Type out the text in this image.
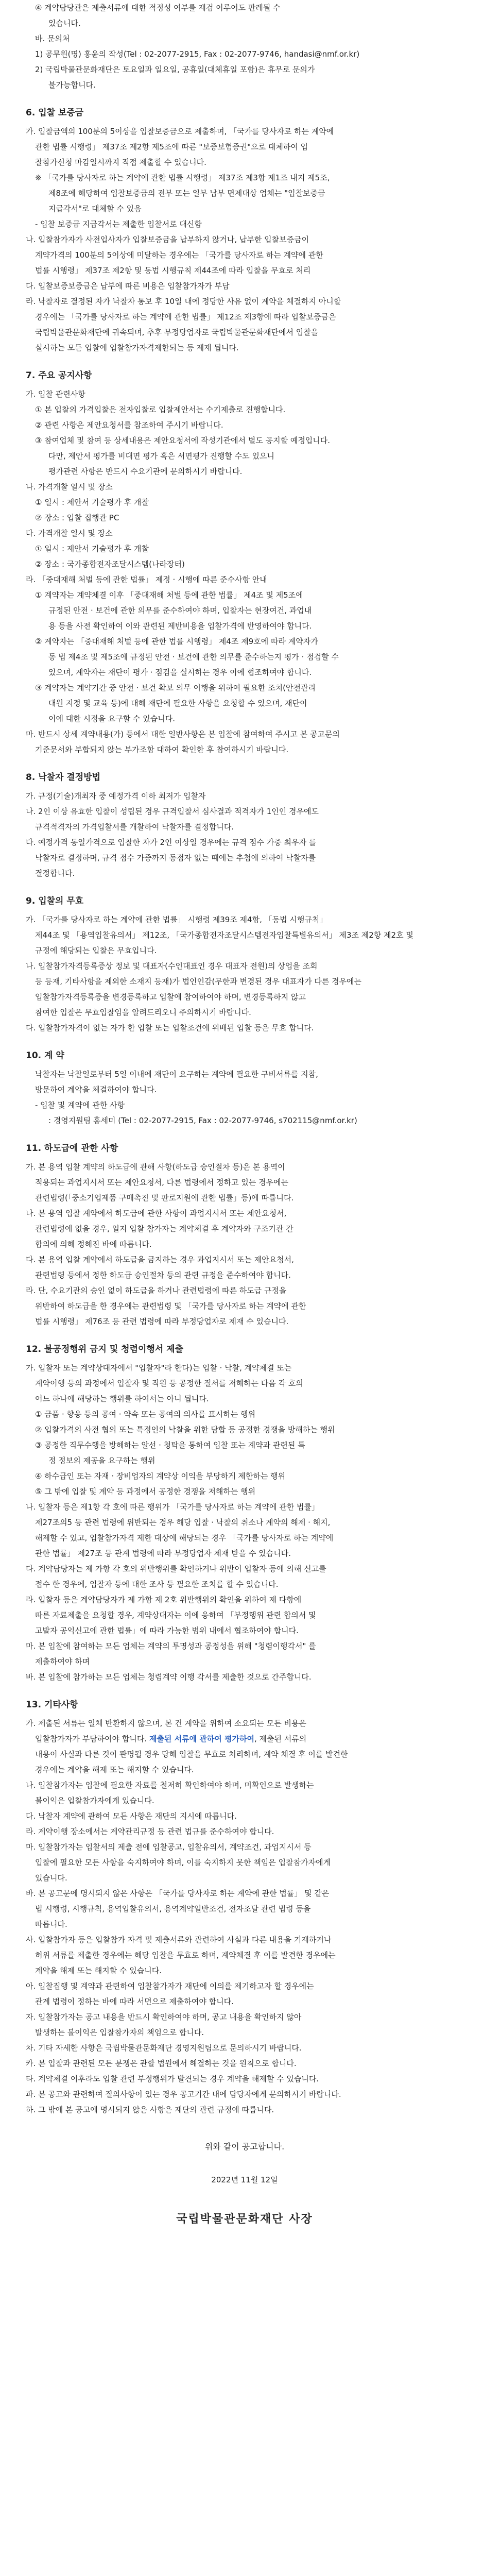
④ 계약담당관은 제출서류에 대한 적정성 여부를 재검 이루어도 판례될 수
있습니다.
바. 문의처
1) 공무원(명) 홍윤의 작성(Tel : 02-2077-2915, Fax : 02-2077-9746, handasi@nmf.or.kr)
2) 국립박물관문화재단은 토요일과 일요일, 공휴일(대체휴일 포함)은 휴무로 문의가
불가능합니다.
6. 입찰 보증금
가. 입찰금액의 100분의 5이상을 입찰보증금으로 제출하며, 「국가를 당사자로 하는 계약에
관한 법률 시행령」 제37조 제2항 제5조에 따른 "보증보험증권"으로 대체하여 입
찰참가신청 마감일시까지 직접 제출할 수 있습니다.
※ 「국가를 당사자로 하는 계약에 관한 법률 시행령」 제37조 제3항 제1조 내지 제5조,
제8조에 해당하여 입찰보증금의 전부 또는 일부 납부 면제대상 업체는 "입찰보증금
지급각서"로 대체할 수 있음
- 입찰 보증금 지급각서는 제출한 입찰서로 대신함
나. 입찰참가자가 사전입사자가 입찰보증금을 납부하지 않거나, 납부한 입찰보증금이
계약가격의 100분의 5이상에 미달하는 경우에는 「국가를 당사자로 하는 계약에 관한
법률 시행령」 제37조 제2항 및 동법 시행규칙 제44조에 따라 입찰을 무효로 처리
다. 입찰보증보증금은 납부에 따른 비용은 입찰참가자가 부담
라. 낙찰자로 결정된 자가 낙찰자 통보 후 10일 내에 정당한 사유 없이 계약을 체결하지 아니할
경우에는 「국가를 당사자로 하는 계약에 관한 법률」 제12조 제3항에 따라 입찰보증금은
국립박물관문화재단에 귀속되며, 추후 부정당업자로 국립박물관문화재단에서 입찰을
실시하는 모든 입찰에 입찰참가자격제한되는 등 제재 됩니다.
7. 주요 공지사항
가. 입찰 관련사항
① 본 입찰의 가격입찰은 전자입찰로 입찰제안서는 수기제출로 진행합니다.
② 관련 사항은 제안요청서를 참조하여 주시기 바랍니다.
③ 참여업체 및 참여 등 상세내용은 제안요청서에 작성기관에서 별도 공지할 예정입니다.
다만, 제안서 평가를 비대면 평가 혹은 서면평가 진행할 수도 있으니
평가관련 사항은 반드시 수요기관에 문의하시기 바랍니다.
나. 가격개찰 일시 및 장소
① 일시 : 제안서 기술평가 후 개찰
② 장소 : 입찰 집행관 PC
다. 가격개찰 일시 및 장소
① 일시 : 제안서 기술평가 후 개찰
② 장소 : 국가종합전자조달시스템(나라장터)
라. 「중대재해 처벌 등에 관한 법률」 제정 · 시행에 따른 준수사항 안내
① 계약자는 계약체결 이후 「중대재해 처벌 등에 관한 법률」 제4조 및 제5조에
규정된 안전 · 보건에 관한 의무를 준수하여야 하며, 입찰자는 현장여건, 과업내
용 등을 사전 확인하여 이와 관련된 제반비용을 입찰가격에 반영하여야 합니다.
② 계약자는 「중대재해 처벌 등에 관한 법률 시행령」 제4조 제9호에 따라 계약자가
동 법 제4조 및 제5조에 규정된 안전 · 보건에 관한 의무를 준수하는지 평가 · 점검할 수
있으며, 계약자는 재단이 평가 · 점검을 실시하는 경우 이에 협조하여야 합니다.
③ 계약자는 계약기간 중 안전 · 보건 확보 의무 이행을 위하여 필요한 조치(안전관리
대원 지정 및 교육 등)에 대해 재단에 필요한 사항을 요청할 수 있으며, 재단이
이에 대한 시정을 요구할 수 있습니다.
마. 반드시 상세 계약내용(가) 등에서 대한 일반사항은 본 입찰에 참여하여 주시고 본 공고문의
기준문서와 부합되지 않는 부가조항 대하여 확인한 후 참여하시기 바랍니다.
8. 낙찰자 결정방법
가. 규정(기술)개최자 중 예정가격 이하 최저가 입찰자
나. 2인 이상 유효한 입찰이 성립된 경우 규격입찰서 심사결과 적격자가 1인인 경우에도
규격적격자의 가격입찰서를 개찰하여 낙찰자를 결정합니다.
다. 예정가격 동일가격으로 입찰한 자가 2인 이상일 경우에는 규격 점수 가중 최우자 를
낙찰자로 결정하며, 규격 점수 가중까지 동점자 없는 때에는 추첨에 의하여 낙찰자를
결정합니다.
9. 입찰의 무효
가. 「국가를 당사자로 하는 계약에 관한 법률」 시행령 제39조 제4항, 「동법 시행규칙」
제44조 및 「용역입찰유의서」 제12조, 「국가종합전자조달시스템전자입찰특별유의서」 제3조 제2항 제2호 및
규정에 해당되는 입찰은 무효입니다.
나. 입찰참가자격등록증상 정보 및 대표자(수인대표인 경우 대표자 전원)의 상업을 조회
등 등재, 기타사항을 제외한 소재지 등재)가 법인인감(무한과 변경된 경우 대표자가 다른 경우에는
입찰참가자격등록증을 변경등록하고 입찰에 참여하여야 하며, 변경등록하지 않고
참여한 입찰은 무효입찰임을 알려드리오니 주의하시기 바랍니다.
다. 입찰참가자격이 없는 자가 한 입찰 또는 입찰조건에 위배된 입찰 등은 무효 합니다.
10. 계 약
낙찰자는 낙찰일로부터 5일 이내에 재단이 요구하는 계약에 필요한 구비서류를 지참,
방문하여 계약을 체결하여야 합니다.
- 입찰 및 계약에 관한 사항
: 경영지원팀 홍세미 (Tel : 02-2077-2915, Fax : 02-2077-9746, s702115@nmf.or.kr)
11. 하도급에 관한 사항
가. 본 용역 입찰 계약의 하도급에 관해 사항(하도급 승인절차 등)은 본 용역이
적용되는 과업지시서 또는 제안요청서, 다른 법령에서 정하고 있는 경우에는
관련법령(「중소기업제품 구매촉진 및 판로지원에 관한 법률」등)에 따릅니다.
나. 본 용역 입찰 계약에서 하도급에 관한 사항이 과업지시서 또는 제안요청서,
관련법령에 없을 경우, 일지 입찰 참가자는 계약체결 후 계약자와 구조기관 간
합의에 의해 정해진 바에 따릅니다.
다. 본 용역 입찰 계약에서 하도급을 금지하는 경우 과업지시서 또는 제안요청서,
관련법령 등에서 정한 하도급 승인절차 등의 관련 규정을 준수하여야 합니다.
라. 단, 수요기관의 승인 없이 하도급을 하거나 관련법령에 따른 하도급 규정을
위반하여 하도급을 한 경우에는 관련법령 및 「국가를 당사자로 하는 계약에 관한
법률 시행령」 제76조 등 관련 법령에 따라 부정당업자로 제재 수 있습니다.
12. 불공정행위 금지 및 청렴이행서 제출
가. 입찰자 또는 계약상대자에서 "입찰자"라 한다)는 입찰 · 낙찰, 계약체결 또는
계약이행 등의 과정에서 입찰자 및 직원 등 공정한 질서를 저해하는 다음 각 호의
어느 하나에 해당하는 행위를 하여서는 아니 됩니다.
① 금품 · 향응 등의 공여 · 약속 또는 공여의 의사를 표시하는 행위
② 입찰가격의 사전 협의 또는 특정인의 낙찰을 위한 담합 등 공정한 경쟁을 방해하는 행위
③ 공정한 직무수행을 방해하는 알선 · 청탁을 통하여 입찰 또는 계약과 관련된 특
정 정보의 제공을 요구하는 행위
④ 하수급인 또는 자재 · 장비업자의 계약상 이익을 부당하게 제한하는 행위
⑤ 그 밖에 입찰 및 계약 등 과정에서 공정한 경쟁을 저해하는 행위
나. 입찰자 등은 제1항 각 호에 따른 행위가 「국가를 당사자로 하는 계약에 관한 법률」
제27조의5 등 관련 법령에 위반되는 경우 해당 입찰 · 낙찰의 취소나 계약의 해제 · 해지,
해제할 수 있고, 입찰참가자격 제한 대상에 해당되는 경우 「국가를 당사자로 하는 계약에
관한 법률」 제27조 등 관계 법령에 따라 부정당업자 제재 받을 수 있습니다.
다. 계약담당자는 제 가항 각 호의 위반행위를 확인하거나 위반이 입찰자 등에 의해 신고를
접수 한 경우에, 입찰자 등에 대한 조사 등 필요한 조치를 할 수 있습니다.
라. 입찰자 등은 계약담당자가 제 가항 제 2호 위반행위의 확인을 위하여 제 다항에
따른 자료제출을 요청할 경우, 계약상대자는 이에 응하여 「부정행위 관련 합의서 및
고발자 공익신고에 관한 법률」에 따라 가능한 범위 내에서 협조하여야 합니다.
마. 본 입찰에 참여하는 모든 업체는 계약의 투명성과 공정성을 위해 "청렴이행각서" 를
제출하여야 하며
바. 본 입찰에 참가하는 모든 업체는 청렴계약 이행 각서를 제출한 것으로 간주합니다.
13. 기타사항
가. 제출된 서류는 일체 반환하지 않으며, 본 건 계약을 위하여 소요되는 모든 비용은
입찰참가자가 부담하여야 합니다. 제출된 서류에 관하여 평가하여, 제출된 서류의
내용이 사실과 다른 것이 판명될 경우 당해 입찰을 무효로 처리하며, 계약 체결 후 이를 발견한
경우에는 계약을 해제 또는 해지할 수 있습니다.
나. 입찰참가자는 입찰에 필요한 자료를 철저히 확인하여야 하며, 미확인으로 발생하는
불이익은 입찰참가자에게 있습니다.
다. 낙찰자 계약에 관하여 모든 사항은 재단의 지시에 따릅니다.
라. 계약이행 장소에서는 계약관리규정 등 관련 법규를 준수하여야 합니다.
마. 입찰참가자는 입찰서의 제출 전에 입찰공고, 입찰유의서, 계약조건, 과업지시서 등
입찰에 필요한 모든 사항을 숙지하여야 하며, 이를 숙지하지 못한 책임은 입찰참가자에게
있습니다.
바. 본 공고문에 명시되지 않은 사항은 「국가를 당사자로 하는 계약에 관한 법률」 및 같은
법 시행령, 시행규칙, 용역입찰유의서, 용역계약일반조건, 전자조달 관련 법령 등을
따릅니다.
사. 입찰참가자 등은 입찰참가 자격 및 제출서류와 관련하여 사실과 다른 내용을 기재하거나
허위 서류를 제출한 경우에는 해당 입찰을 무효로 하며, 계약체결 후 이를 발견한 경우에는
계약을 해제 또는 해지할 수 있습니다.
아. 입찰집행 및 계약과 관련하여 입찰참가자가 재단에 이의를 제기하고자 할 경우에는
관계 법령이 정하는 바에 따라 서면으로 제출하여야 합니다.
자. 입찰참가자는 공고 내용을 반드시 확인하여야 하며, 공고 내용을 확인하지 않아
발생하는 불이익은 입찰참가자의 책임으로 합니다.
차. 기타 자세한 사항은 국립박물관문화재단 경영지원팀으로 문의하시기 바랍니다.
카. 본 입찰과 관련된 모든 분쟁은 관할 법원에서 해결하는 것을 원칙으로 합니다.
타. 계약체결 이후라도 입찰 관련 부정행위가 발견되는 경우 계약을 해제할 수 있습니다.
파. 본 공고와 관련하여 질의사항이 있는 경우 공고기간 내에 담당자에게 문의하시기 바랍니다.
하. 그 밖에 본 공고에 명시되지 않은 사항은 재단의 관련 규정에 따릅니다.
위와 같이 공고합니다.
2022년 11월 12일
국립박물관문화재단 사장
